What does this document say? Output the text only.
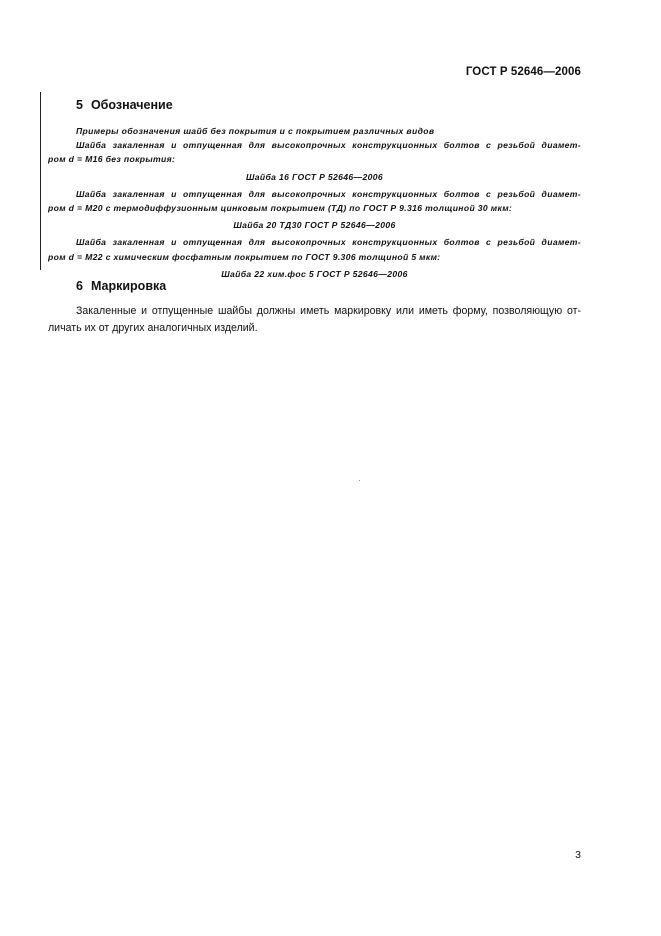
ГОСТ Р 52646—2006
5 Обозначение

Примеры обозначения шайб без покрытия и с покрытием различных видов

Шайба закаленная и отпущенная для высокопрочных конструкционных болтов с резьбой диамет-

ром d = М16 без покрытия:

Шайба 16 ГОСТ Р 52646—2006

Шайба закаленная и отпущенная для высокопрочных конструкционных болтов с резьбой диамет-

ром d = М20 с термодиффузионным цинковым покрытием (ТД) по ГОСТ Р 9.316 толщиной 30 мкм:

Шайба 20 ТД30 ГОСТ Р 52646—2006

Шайба закаленная и отпущенная для высокопрочных конструкционных болтов с резьбой диамет-

ром d = М22 с химическим фосфатным покрытием по ГОСТ 9.306 толщиной 5 мкм:

Шайба 22 хим.фос 5 ГОСТ Р 52646—2006

6 Маркировка

Закаленные и отпущенные шайбы должны иметь маркировку или иметь форму, позволяющую от-

личать их от других аналогичных изделий.

3
